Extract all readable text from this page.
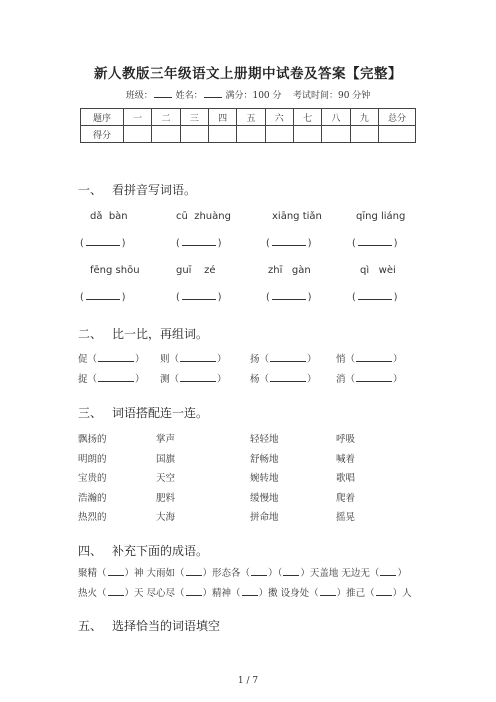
新人教版三年级语文上册期中试卷及答案【完整】
班级：	姓名：	满分：100 分 考试时间：90 分钟
题序	一	二	三	四	五	六	七	八	九	总分
得分										
一、 看拼音写词语。
dǎ  bàn	cū  zhuàng	xiāng tiǎn	qīng liáng
(	)	(	)	(	)	(	)
fēng shōu	guī    zé	zhī   gàn	qì   wèi
(	)	(	)	(	)	(	)
二、 比一比，再组词。
促（	） 则（	） 扬（	） 悄（	）
捉（	） 测（	） 杨（	） 消（	）
三、 词语搭配连一连。
飘扬的
明朗的
宝贵的
浩瀚的
热烈的
掌声
国旗
天空
肥料
大海
轻轻地
舒畅地
婉转地
缓慢地
拼命地
呼吸
喊着
歌唱
爬着
摇晃
四、 补充下面的成语。
聚精（ ）神 大雨如（ ）形态各（ ）（ ）天盖地 无边无（ ）
热火（ ）天 尽心尽（ ）精神（ ）擞 设身处（ ）推己（ ）人
五、 选择恰当的词语填空
1 / 7
